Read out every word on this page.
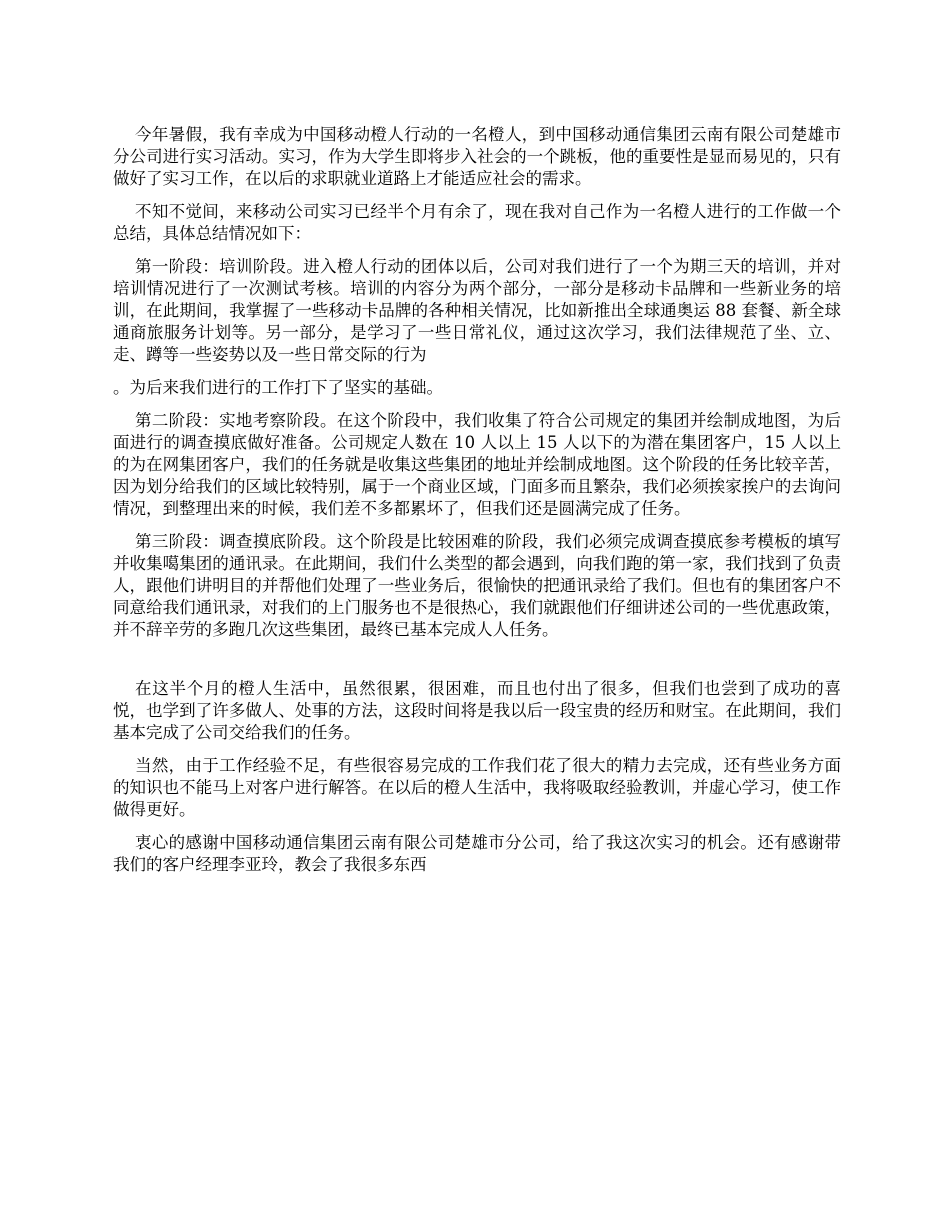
今年暑假，我有幸成为中国移动橙人行动的一名橙人，到中国移动通信集团云南有限公司楚雄市分公司进行实习活动。实习，作为大学生即将步入社会的一个跳板，他的重要性是显而易见的，只有做好了实习工作，在以后的求职就业道路上才能适应社会的需求。

不知不觉间，来移动公司实习已经半个月有余了，现在我对自己作为一名橙人进行的工作做一个总结，具体总结情况如下：

第一阶段：培训阶段。进入橙人行动的团体以后，公司对我们进行了一个为期三天的培训，并对培训情况进行了一次测试考核。培训的内容分为两个部分，一部分是移动卡品牌和一些新业务的培训，在此期间，我掌握了一些移动卡品牌的各种相关情况，比如新推出全球通奥运 88 套餐、新全球通商旅服务计划等。另一部分，是学习了一些日常礼仪，通过这次学习，我们法律规范了坐、立、走、蹲等一些姿势以及一些日常交际的行为

。为后来我们进行的工作打下了坚实的基础。

第二阶段：实地考察阶段。在这个阶段中，我们收集了符合公司规定的集团并绘制成地图，为后面进行的调查摸底做好准备。公司规定人数在 10 人以上 15 人以下的为潜在集团客户，15 人以上的为在网集团客户，我们的任务就是收集这些集团的地址并绘制成地图。这个阶段的任务比较辛苦，因为划分给我们的区域比较特别，属于一个商业区域，门面多而且繁杂，我们必须挨家挨户的去询问情况，到整理出来的时候，我们差不多都累坏了，但我们还是圆满完成了任务。

第三阶段：调查摸底阶段。这个阶段是比较困难的阶段，我们必须完成调查摸底参考模板的填写并收集噶集团的通讯录。在此期间，我们什么类型的都会遇到，向我们跑的第一家，我们找到了负责人，跟他们讲明目的并帮他们处理了一些业务后，很愉快的把通讯录给了我们。但也有的集团客户不同意给我们通讯录，对我们的上门服务也不是很热心，我们就跟他们仔细讲述公司的一些优惠政策，并不辞辛劳的多跑几次这些集团，最终已基本完成人人任务。

在这半个月的橙人生活中，虽然很累，很困难，而且也付出了很多，但我们也尝到了成功的喜悦，也学到了许多做人、处事的方法，这段时间将是我以后一段宝贵的经历和财宝。在此期间，我们基本完成了公司交给我们的任务。

当然，由于工作经验不足，有些很容易完成的工作我们花了很大的精力去完成，还有些业务方面的知识也不能马上对客户进行解答。在以后的橙人生活中，我将吸取经验教训，并虚心学习，使工作做得更好。

衷心的感谢中国移动通信集团云南有限公司楚雄市分公司，给了我这次实习的机会。还有感谢带我们的客户经理李亚玲，教会了我很多东西
